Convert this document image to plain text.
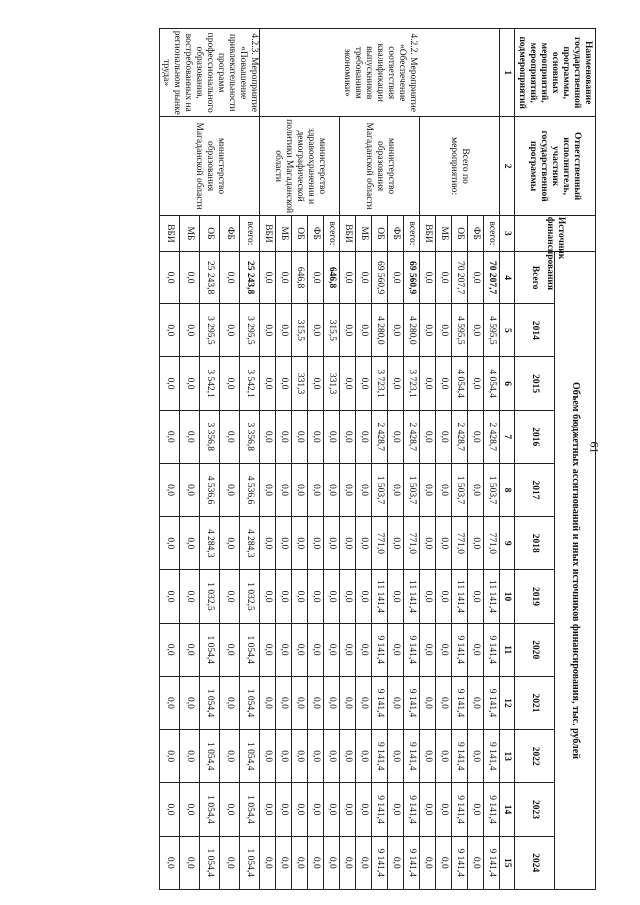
61
Наименование государственной программы, основных мероприятий, мероприятий, подмероприятий	Ответственный исполнитель, участник государственной программы	Источник финансирования	Объем бюджетных ассигнований и иных источников финансирования, тыс. рублей											
			Всего	2014	2015	2016	2017	2018	2019	2020	2021	2022	2023	2024
1	2	3	4	5	6	7	8	9	10	11	12	13	14	15
4.2.2. Мероприятие «Обеспечение соответствия квалификации выпускников требованиям экономики»	Всего по мероприятию:	всего:	70 207,7	4 595,5	4 054,4	2 428,7	1 503,7	771,0	11 141,4	9 141,4	9 141,4	9 141,4	9 141,4	9 141,4
		ФБ	0,0	0,0	0,0	0,0	0,0	0,0	0,0	0,0	0,0	0,0	0,0	0,0
		ОБ	70 207,7	4 595,5	4 054,4	2 428,7	1 503,7	771,0	11 141,4	9 141,4	9 141,4	9 141,4	9 141,4	9 141,4
		МБ	0,0	0,0	0,0	0,0	0,0	0,0	0,0	0,0	0,0	0,0	0,0	0,0
		ВБИ	0,0	0,0	0,0	0,0	0,0	0,0	0,0	0,0	0,0	0,0	0,0	0,0
	министерство образования Магаданской области	всего:	69 560,9	4 280,0	3 723,1	2 428,7	1 503,7	771,0	11 141,4	9 141,4	9 141,4	9 141,4	9 141,4	9 141,4
		ФБ	0,0	0,0	0,0	0,0	0,0	0,0	0,0	0,0	0,0	0,0	0,0	0,0
		ОБ	69 560,9	4 280,0	3 723,1	2 428,7	1 503,7	771,0	11 141,4	9 141,4	9 141,4	9 141,4	9 141,4	9 141,4
		МБ	0,0	0,0	0,0	0,0	0,0	0,0	0,0	0,0	0,0	0,0	0,0	0,0
		ВБИ	0,0	0,0	0,0	0,0	0,0	0,0	0,0	0,0	0,0	0,0	0,0	0,0
	министерство здравоохранения и демографической политики Магаданской области	всего:	646,8	315,5	331,3	0,0	0,0	0,0	0,0	0,0	0,0	0,0	0,0	0,0
		ФБ	0,0	0,0	0,0	0,0	0,0	0,0	0,0	0,0	0,0	0,0	0,0	0,0
		ОБ	646,8	315,5	331,3	0,0	0,0	0,0	0,0	0,0	0,0	0,0	0,0	0,0
		МБ	0,0	0,0	0,0	0,0	0,0	0,0	0,0	0,0	0,0	0,0	0,0	0,0
		ВБИ	0,0	0,0	0,0	0,0	0,0	0,0	0,0	0,0	0,0	0,0	0,0	0,0
4.2.3. Мероприятие «Повышение привлекательности программ профессионального образования, востребованных на региональном рынке труда»	министерство образования Магаданской области	всего:	25 243,8	3 295,5	3 542,1	3 356,8	4 536,6	4 284,3	1 032,5	1 054,4	1 054,4	1 054,4	1 054,4	1 054,4
		ФБ	0,0	0,0	0,0	0,0	0,0	0,0	0,0	0,0	0,0	0,0	0,0	0,0
		ОБ	25 243,8	3 295,5	3 542,1	3 356,8	4 536,6	4 284,3	1 032,5	1 054,4	1 054,4	1 054,4	1 054,4	1 054,4
		МБ	0,0	0,0	0,0	0,0	0,0	0,0	0,0	0,0	0,0	0,0	0,0	0,0
		ВБИ	0,0	0,0	0,0	0,0	0,0	0,0	0,0	0,0	0,0	0,0	0,0	0,0
